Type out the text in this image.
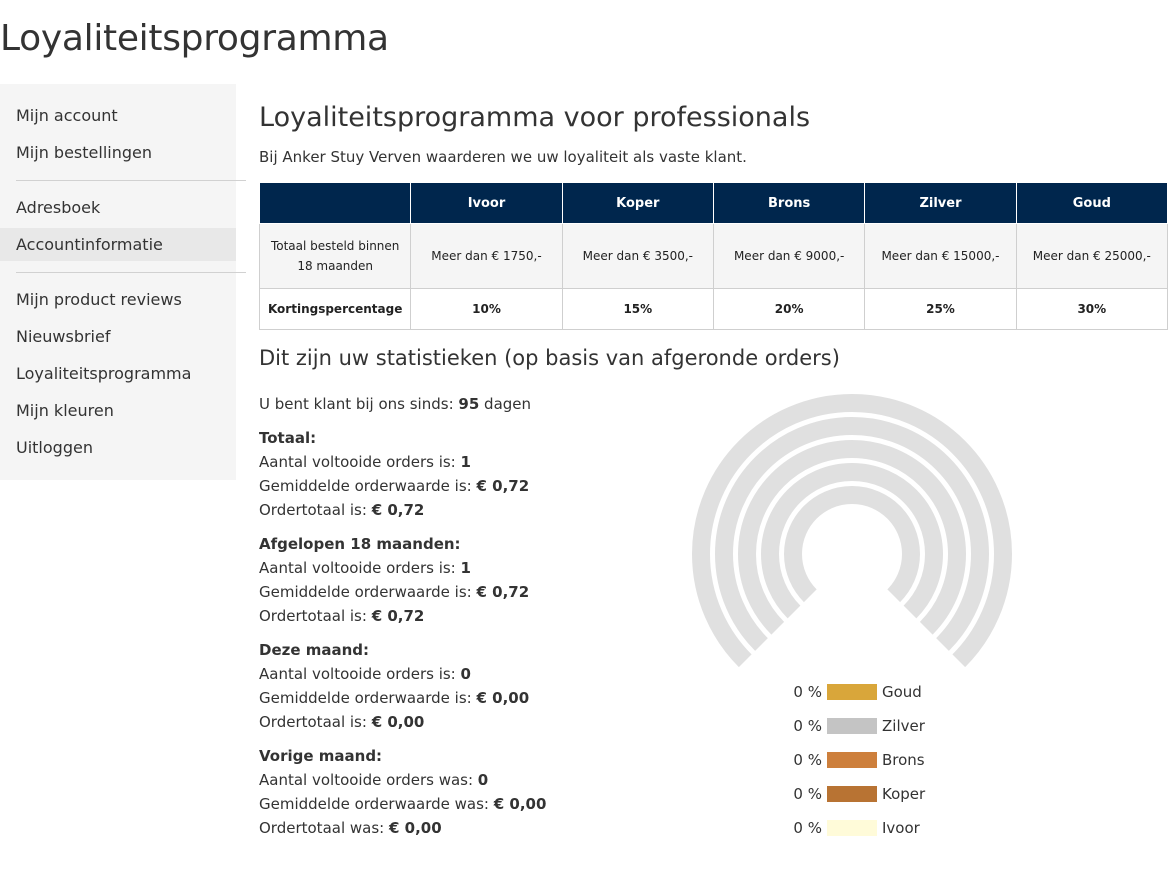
Loyaliteitsprogramma
Mijn account
Mijn bestellingen
Adresboek
Accountinformatie
Mijn product reviews
Nieuwsbrief
Loyaliteitsprogramma
Mijn kleuren
Uitloggen
Loyaliteitsprogramma voor professionals
Bij Anker Stuy Verven waarderen we uw loyaliteit als vaste klant.
	Ivoor	Koper	Brons	Zilver	Goud
Totaal besteld binnen 18 maanden	Meer dan € 1750,-	Meer dan € 3500,-	Meer dan € 9000,-	Meer dan € 15000,-	Meer dan € 25000,-
Kortingspercentage	10%	15%	20%	25%	30%
Dit zijn uw statistieken (op basis van afgeronde orders)
U bent klant bij ons sinds: 95 dagen
Totaal:
Aantal voltooide orders is: 1
Gemiddelde orderwaarde is: € 0,72
Ordertotaal is: € 0,72
Afgelopen 18 maanden:
Aantal voltooide orders is: 1
Gemiddelde orderwaarde is: € 0,72
Ordertotaal is: € 0,72
Deze maand:
Aantal voltooide orders is: 0
Gemiddelde orderwaarde is: € 0,00
Ordertotaal is: € 0,00
Vorige maand:
Aantal voltooide orders was: 0
Gemiddelde orderwaarde was: € 0,00
Ordertotaal was: € 0,00
0 %	Goud
0 %	Zilver
0 %	Brons
0 %	Koper
0 %	Ivoor
